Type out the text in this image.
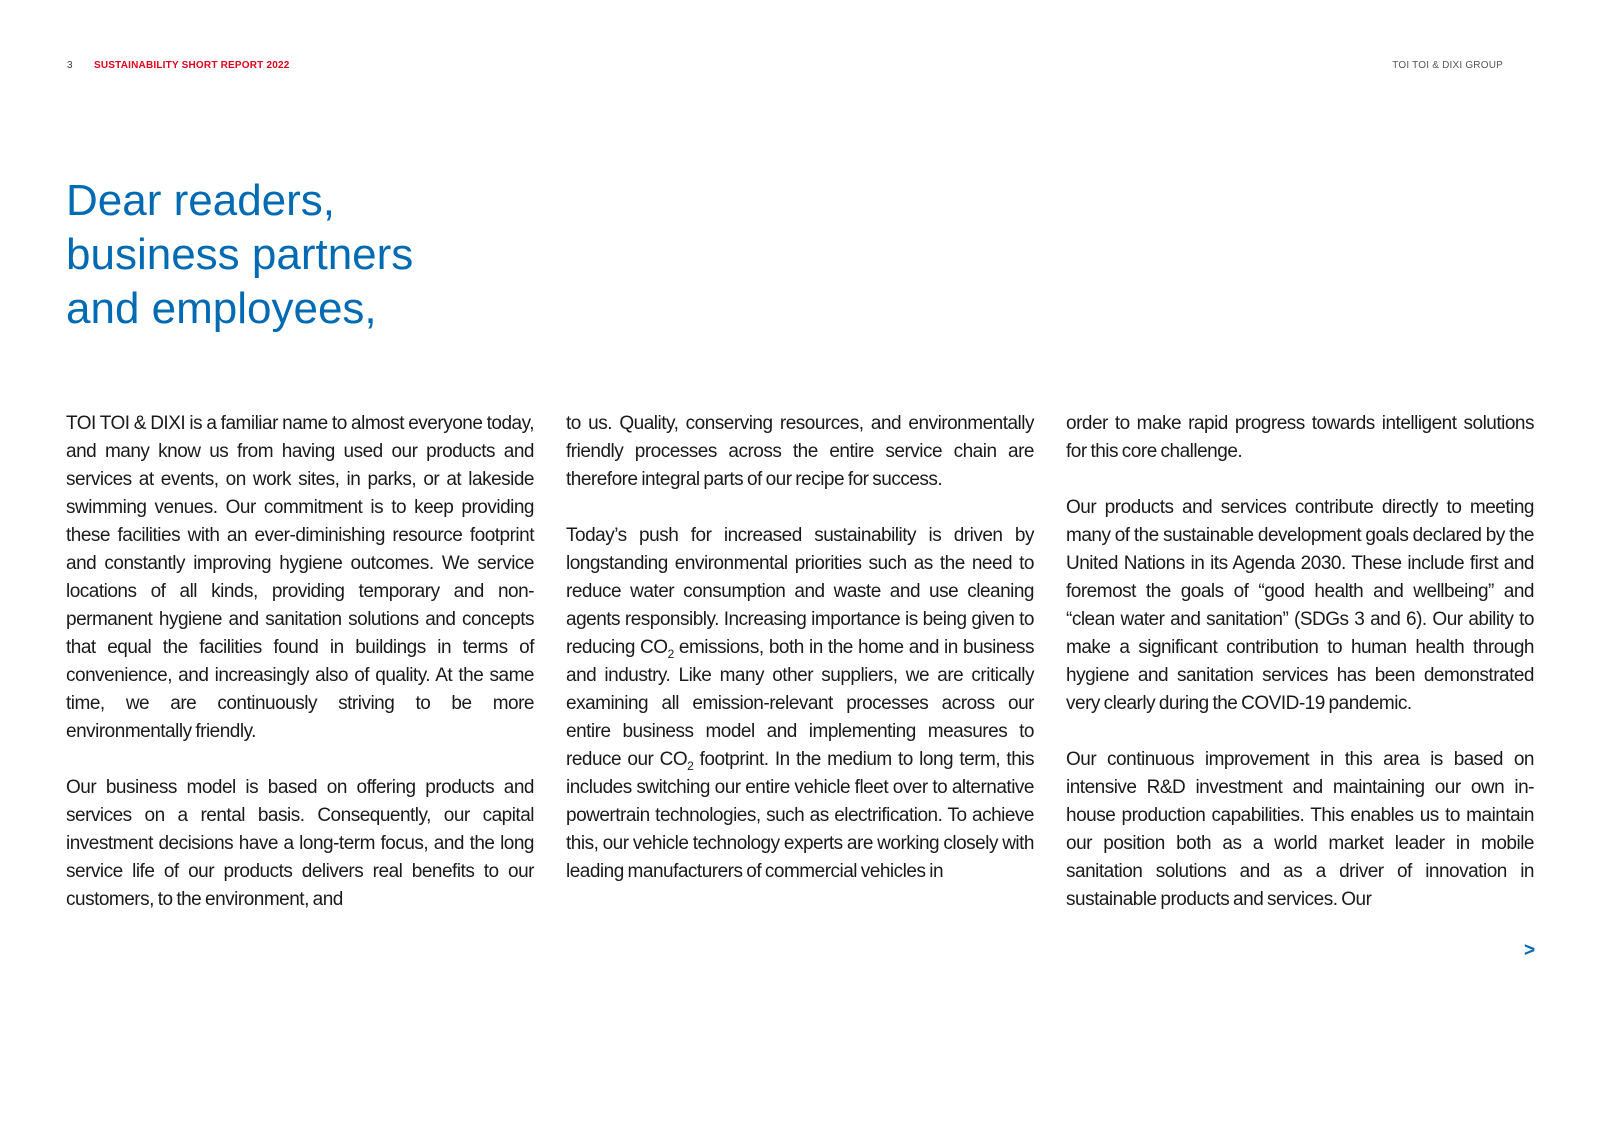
3 SUSTAINABILITY SHORT REPORT 2022	TOI TOI & DIXI GROUP
Dear readers,
business partners
and employees,

TOI TOI & DIXI is a familiar name to almost everyone today, and many know us from having used our products and services at events, on work sites, in parks, or at lakeside swimming venues. Our commitment is to keep providing these facilities with an ever-diminishing resource footprint and constantly improving hygiene outcomes. We service locations of all kinds, providing temporary and non-permanent hygiene and sanitation solutions and concepts that equal the facilities found in buildings in terms of convenience, and increasingly also of quality. At the same time, we are continuously striving to be more environmentally friendly.

Our business model is based on offering products and services on a rental basis. Consequently, our capital investment decisions have a long-term focus, and the long service life of our products delivers real benefits to our customers, to the environment, and

to us. Quality, conserving resources, and environmentally friendly processes across the entire service chain are therefore integral parts of our recipe for success.

Today’s push for increased sustainability is driven by longstanding environmental priorities such as the need to reduce water consumption and waste and use cleaning agents responsibly. Increasing importance is being given to reducing $CO_2$ emissions, both in the home and in business and industry. Like many other suppliers, we are critically examining all emission-relevant processes across our entire business model and implementing measures to reduce our $CO_2$ footprint. In the medium to long term, this includes switching our entire vehicle fleet over to alternative powertrain technologies, such as electrification. To achieve this, our vehicle technology experts are working closely with leading manufacturers of commercial vehicles in

order to make rapid progress towards intelligent solutions for this core challenge.

Our products and services contribute directly to meeting many of the sustainable development goals declared by the United Nations in its Agenda 2030. These include first and foremost the goals of “good health and wellbeing” and “clean water and sanitation” (SDGs 3 and 6). Our ability to make a significant contribution to human health through hygiene and sanitation services has been demonstrated very clearly during the COVID-19 pandemic.

Our continuous improvement in this area is based on intensive R&D investment and maintaining our own in-house production capabilities. This enables us to maintain our position both as a world market leader in mobile sanitation solutions and as a driver of innovation in sustainable products and services. Our

>
